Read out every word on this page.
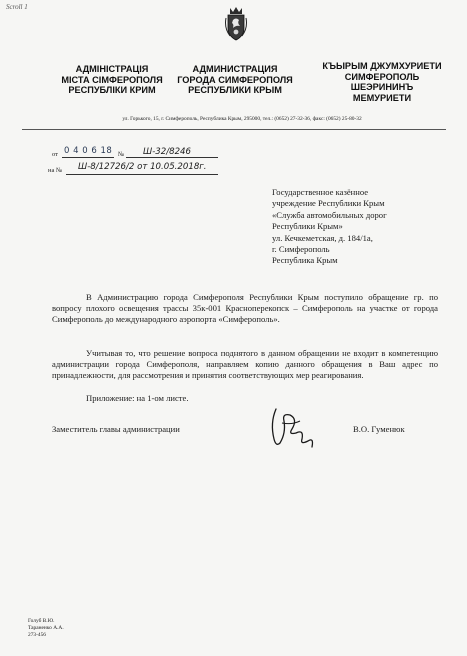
Scroll 1
АДМІНІСТРАЦІЯ
МІСТА СІМФЕРОПОЛЯ
РЕСПУБЛІКИ КРИМ
АДМИНИСТРАЦИЯ
ГОРОДА СИМФЕРОПОЛЯ
РЕСПУБЛИКИ КРЫМ
КЪЫРЫМ ДЖУМХУРИЕТИ
СИМФЕРОПОЛЬ
ШЕЭРИНИНЪ
МЕМУРИЕТИ
ул. Горького, 15, г. Симферополь, Республика Крым, 295000, тел.: (0652) 27-32-36, факс: (0652) 25-80-32
от 0 4 0 6 18 № Ш-32/8246
на № Ш-8/12726/2 от 10.05.2018г.
Государственное казённое
учреждение Республики Крым
«Служба автомобильных дорог
Республики Крым»
ул. Кечкеметская, д. 184/1а,
г. Симферополь
Республика Крым

В Администрацию города Симферополя Республики Крым поступило обращение гр. по вопросу плохого освещения трассы 35к-001 Красноперекопск – Симферополь на участке от города Симферополь до международного аэропорта «Симферополь».

Учитывая то, что решение вопроса поднятого в данном обращении не входит в компетенцию администрации города Симферополя, направляем копию данного обращения в Ваш адрес по принадлежности, для рассмотрения и принятия соответствующих мер реагирования.

Приложение: на 1-ом листе.

Заместитель главы администрации	В.О. Гуменюк
Голуб В.Ю.
Тараненко А.А.
273-456
